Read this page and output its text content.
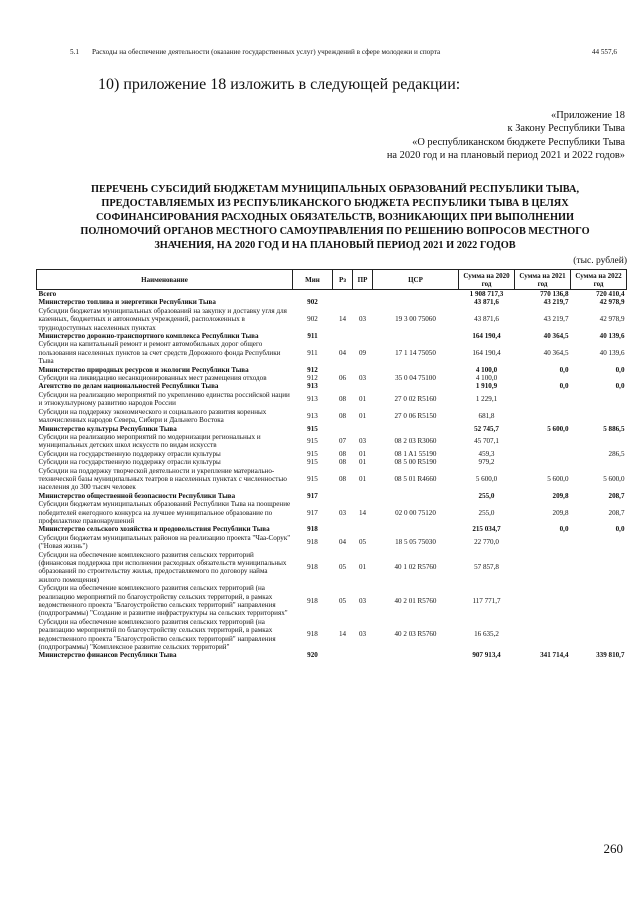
5.1	Расходы на обеспечение деятельности (оказание государственных услуг) учреждений в сфере молодежи и спорта	44 557,6
10) приложение 18 изложить в следующей редакции:
«Приложение 18
к Закону Республики Тыва
«О республиканском бюджете Республики Тыва
на 2020 год и на плановый период 2021 и 2022 годов»
ПЕРЕЧЕНЬ СУБСИДИЙ БЮДЖЕТАМ МУНИЦИПАЛЬНЫХ ОБРАЗОВАНИЙ РЕСПУБЛИКИ ТЫВА, ПРЕДОСТАВЛЯЕМЫХ ИЗ РЕСПУБЛИКАНСКОГО БЮДЖЕТА РЕСПУБЛИКИ ТЫВА В ЦЕЛЯХ СОФИНАНСИРОВАНИЯ РАСХОДНЫХ ОБЯЗАТЕЛЬСТВ, ВОЗНИКАЮЩИХ ПРИ ВЫПОЛНЕНИИ ПОЛНОМОЧИЙ ОРГАНОВ МЕСТНОГО САМОУПРАВЛЕНИЯ ПО РЕШЕНИЮ ВОПРОСОВ МЕСТНОГО ЗНАЧЕНИЯ, НА 2020 ГОД И НА ПЛАНОВЫЙ ПЕРИОД 2021 И 2022 ГОДОВ
(тыс. рублей)
Наименование	Мин	Рз	ПР	ЦСР	Сумма на 2020 год	Сумма на 2021 год	Сумма на 2022 год
Всего					1 908 717,3	770 136,8	720 410,4
Министерство топлива и энергетики Республики Тыва	902				43 871,6	43 219,7	42 978,9
Субсидии бюджетам муниципальных образований на закупку и доставку угля для казенных, бюджетных и автономных учреждений, расположенных в труднодоступных населенных пунктах	902	14	03	19 3 00 75060	43 871,6	43 219,7	42 978,9
Министерство дорожно-транспортного комплекса Республики Тыва	911				164 190,4	40 364,5	40 139,6
Субсидии на капитальный ремонт и ремонт автомобильных дорог общего пользования населенных пунктов за счет средств Дорожного фонда Республики Тыва	911	04	09	17 1 14 75050	164 190,4	40 364,5	40 139,6
Министерство природных ресурсов и экологии Республики Тыва	912				4 100,0	0,0	0,0
Субсидии на ликвидацию несанкционированных мест размещения отходов	912	06	03	35 0 04 75100	4 100,0		
Агентство по делам национальностей Республики Тыва	913				1 910,9	0,0	0,0
Субсидии на реализацию мероприятий по укреплению единства российской нации и этнокультурному развитию народов России	913	08	01	27 0 02 R5160	1 229,1		
Субсидии на поддержку экономического и социального развития коренных малочисленных народов Севера, Сибири и Дальнего Востока	913	08	01	27 0 06 R5150	681,8		
Министерство культуры Республики Тыва	915				52 745,7	5 600,0	5 886,5
Субсидии на реализацию мероприятий по модернизации региональных и муниципальных детских школ искусств по видам искусств	915	07	03	08 2 03 R3060	45 707,1		
Субсидии на государственную поддержку отрасли культуры	915	08	01	08 1 A1 55190	459,3		286,5
Субсидии на государственную поддержку отрасли культуры	915	08	01	08 5 00 R5190	979,2		
Субсидии на поддержку творческой деятельности и укрепление материально-технической базы муниципальных театров в населенных пунктах с численностью населения до 300 тысяч человек	915	08	01	08 5 01 R4660	5 600,0	5 600,0	5 600,0
Министерство общественной безопасности Республики Тыва	917				255,0	209,8	208,7
Субсидии бюджетам муниципальных образований Республики Тыва на поощрение победителей ежегодного конкурса на лучшее муниципальное образование по профилактике правонарушений	917	03	14	02 0 00 75120	255,0	209,8	208,7
Министерство сельского хозяйства и продовольствия Республики Тыва	918				215 034,7	0,0	0,0
Субсидии бюджетам муниципальных районов на реализацию проекта "Чаа-Сорук" ("Новая жизнь")	918	04	05	18 5 05 75030	22 770,0		
Субсидии на обеспечение комплексного развития сельских территорий (финансовая поддержка при исполнении расходных обязательств муниципальных образований по строительству жилья, предоставляемого по договору найма жилого помещения)	918	05	01	40 1 02 R5760	57 857,8		
Субсидии на обеспечение комплексного развития сельских территорий (на реализацию мероприятий по благоустройству сельских территорий, в рамках ведомственного проекта "Благоустройство сельских территорий" направления (подпрограммы) "Создание и развитие инфраструктуры на сельских территориях"	918	05	03	40 2 01 R5760	117 771,7		
Субсидии на обеспечение комплексного развития сельских территорий (на реализацию мероприятий по благоустройству сельских территорий, в рамках ведомственного проекта "Благоустройство сельских территорий" направления (подпрограммы) "Комплексное развитие сельских территорий"	918	14	03	40 2 03 R5760	16 635,2		
Министерство финансов Республики Тыва	920				907 913,4	341 714,4	339 810,7
260
